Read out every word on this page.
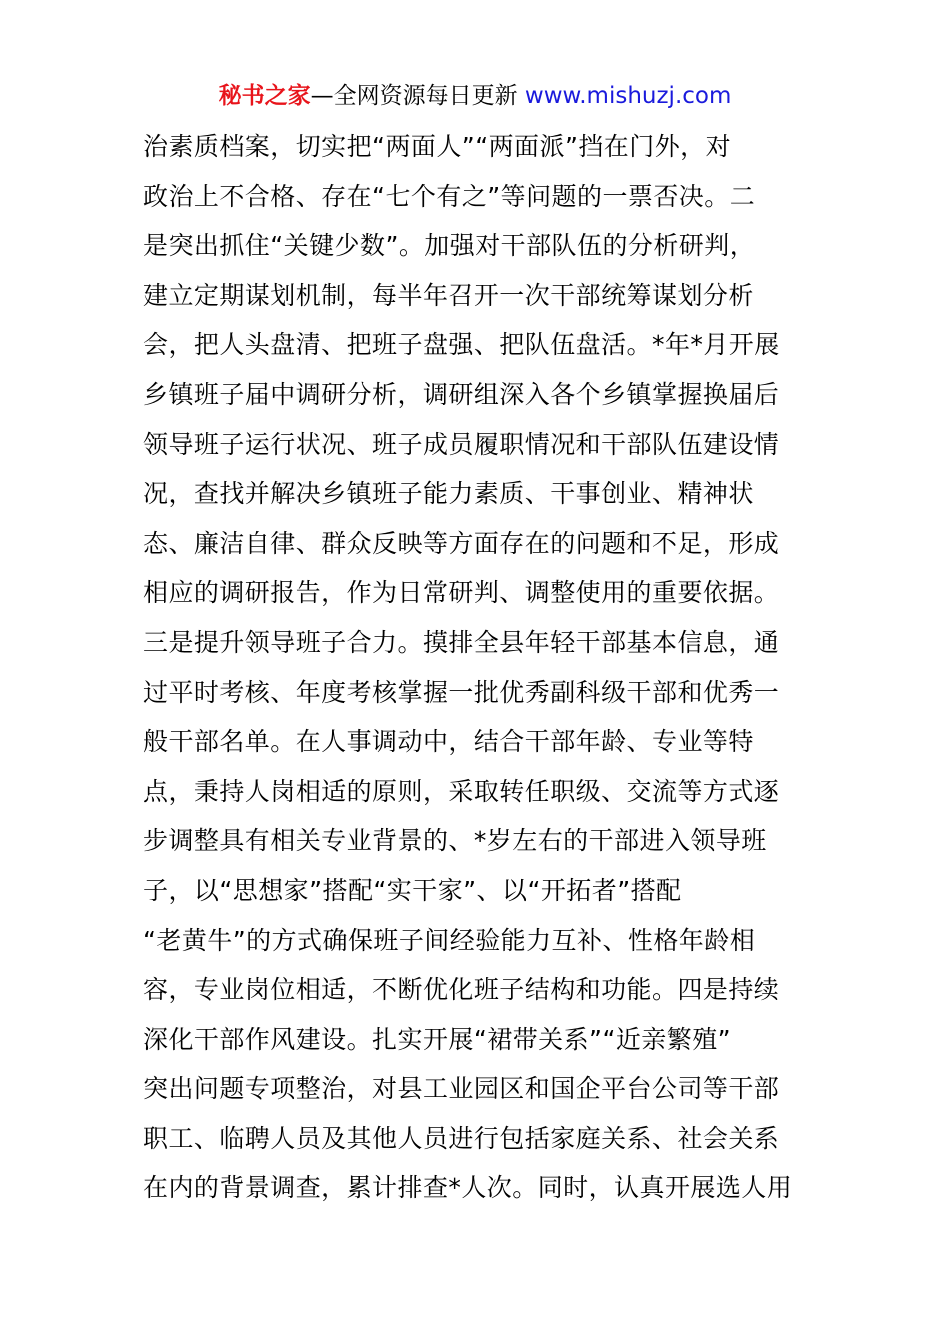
秘书之家—全网资源每日更新 www.mishuzj.com
治素质档案，切实把“两面人”“两面派”挡在门外，对
政治上不合格、存在“七个有之”等问题的一票否决。二
是突出抓住“关键少数”。加强对干部队伍的分析研判，
建立定期谋划机制，每半年召开一次干部统筹谋划分析
会，把人头盘清、把班子盘强、把队伍盘活。*年*月开展
乡镇班子届中调研分析，调研组深入各个乡镇掌握换届后
领导班子运行状况、班子成员履职情况和干部队伍建设情
况，查找并解决乡镇班子能力素质、干事创业、精神状
态、廉洁自律、群众反映等方面存在的问题和不足，形成
相应的调研报告，作为日常研判、调整使用的重要依据。
三是提升领导班子合力。摸排全县年轻干部基本信息，通
过平时考核、年度考核掌握一批优秀副科级干部和优秀一
般干部名单。在人事调动中，结合干部年龄、专业等特
点，秉持人岗相适的原则，采取转任职级、交流等方式逐
步调整具有相关专业背景的、*岁左右的干部进入领导班
子，以“思想家”搭配“实干家”、以“开拓者”搭配
“老黄牛”的方式确保班子间经验能力互补、性格年龄相
容，专业岗位相适，不断优化班子结构和功能。四是持续
深化干部作风建设。扎实开展“裙带关系”“近亲繁殖”
突出问题专项整治，对县工业园区和国企平台公司等干部
职工、临聘人员及其他人员进行包括家庭关系、社会关系
在内的背景调查，累计排查*人次。同时，认真开展选人用
